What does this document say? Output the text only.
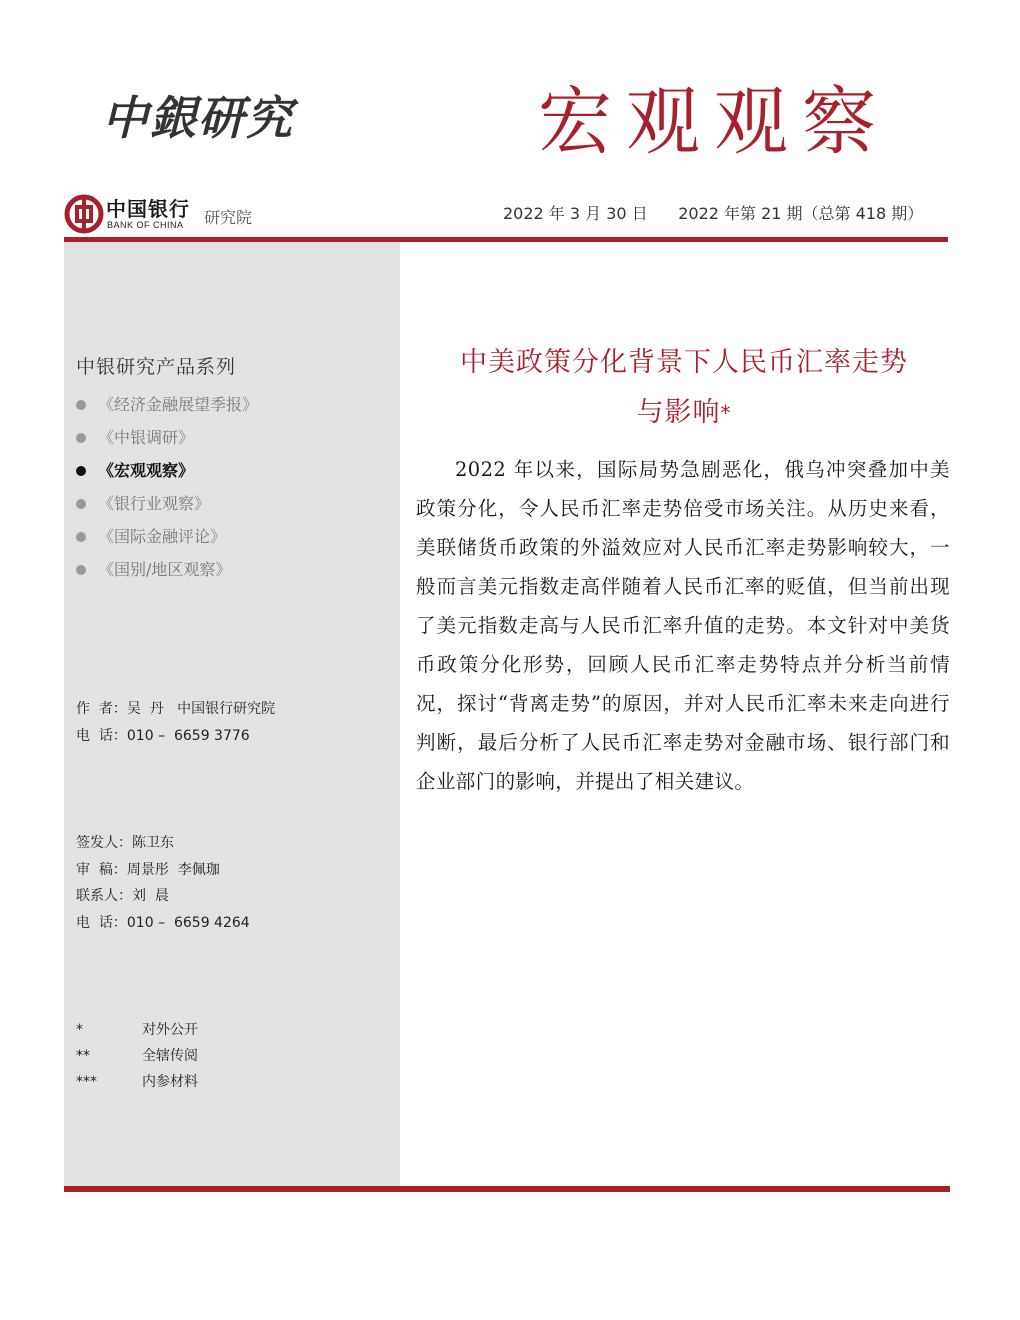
中銀研究	宏观观察
中国银行
BANK OF CHINA 研究院	2022 年 3 月 30 日      2022 年第 21 期（总第 418 期）
中银研究产品系列
《经济金融展望季报》
《中银调研》
《宏观观察》
《银行业观察》
《国际金融评论》
《国别/地区观察》
作  者：吴  丹   中国银行研究院
电  话：010 –  6659 3776
签发人：陈卫东
审  稿：周景彤  李佩珈
联系人：刘  晨
电  话：010 –  6659 4264
*	对外公开
**	全辖传阅
***	内参材料
中美政策分化背景下人民币汇率走势
与影响*

2022 年以来，国际局势急剧恶化，俄乌冲突叠加中美政策分化，令人民币汇率走势倍受市场关注。从历史来看，美联储货币政策的外溢效应对人民币汇率走势影响较大，一般而言美元指数走高伴随着人民币汇率的贬值，但当前出现了美元指数走高与人民币汇率升值的走势。本文针对中美货币政策分化形势，回顾人民币汇率走势特点并分析当前情况，探讨“背离走势”的原因，并对人民币汇率未来走向进行判断，最后分析了人民币汇率走势对金融市场、银行部门和企业部门的影响，并提出了相关建议。
